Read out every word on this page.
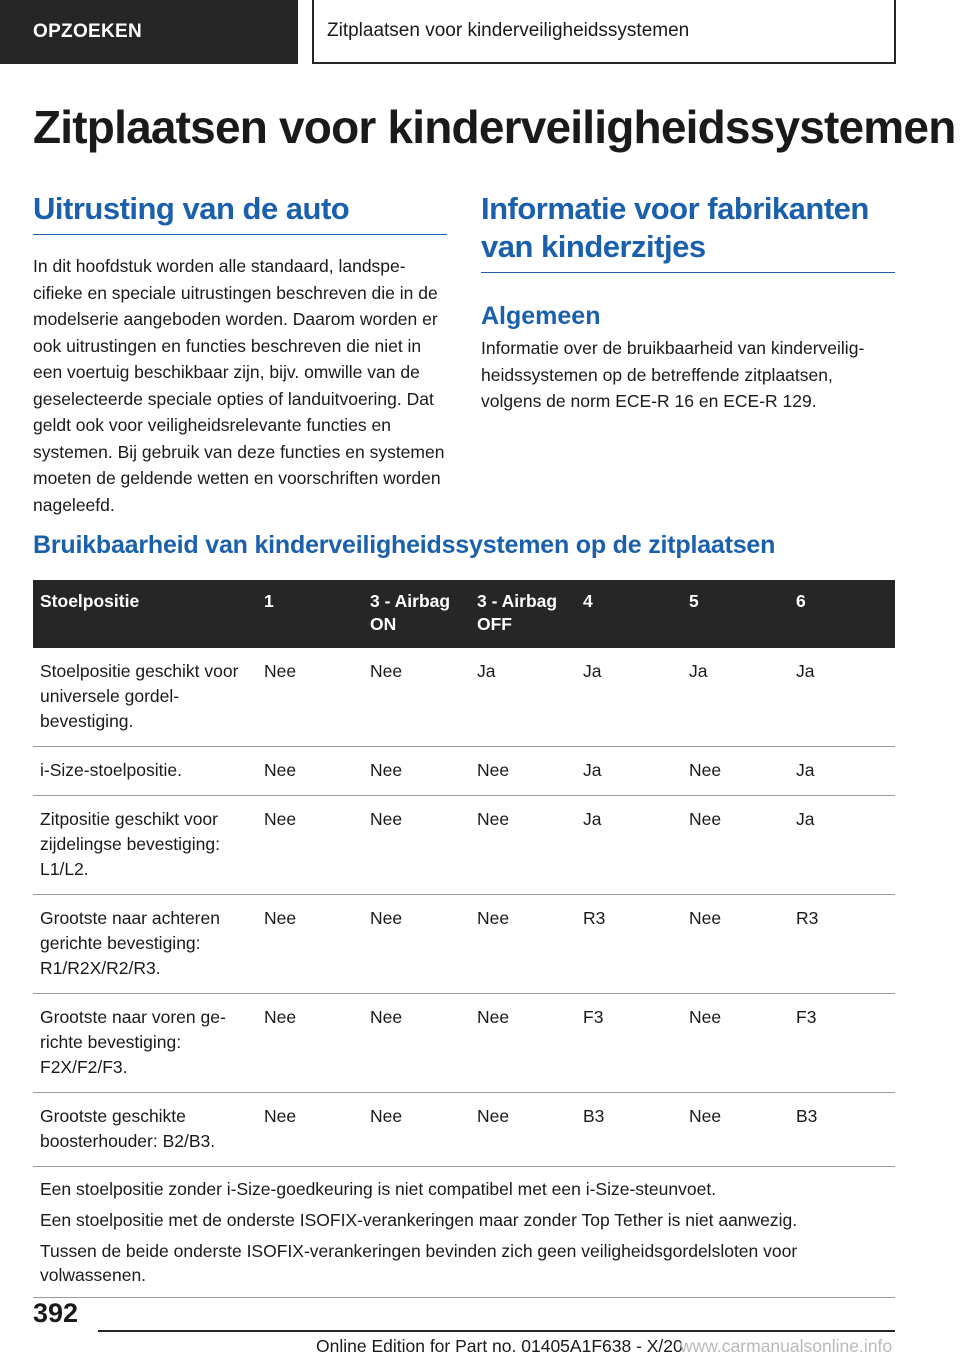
OPZOEKEN	Zitplaatsen voor kinderveiligheidssystemen
Zitplaatsen voor kinderveiligheidssystemen
Uitrusting van de auto

In dit hoofdstuk worden alle standaard, landspecifieke en speciale uitrustingen beschreven die in de modelserie aangeboden worden. Daarom worden er ook uitrustingen en functies beschreven die niet in een voertuig beschikbaar zijn, bijv. omwille van de geselecteerde speciale opties of landuitvoering. Dat geldt ook voor veiligheidsrelevante functies en systemen. Bij gebruik van deze functies en systemen moeten de geldende wetten en voorschriften worden nageleefd.

Informatie voor fabrikanten van kinderzitjes
Algemeen

Informatie over de bruikbaarheid van kinderveiligheidssystemen op de betreffende zitplaatsen, volgens de norm ECE-R 16 en ECE-R 129.

Bruikbaarheid van kinderveiligheidssystemen op de zitplaatsen
Stoelpositie	1	3 - Airbag ON	3 - Airbag OFF	4	5	6
Stoelpositie geschikt voor universele gordelbevestiging.	Nee	Nee	Ja	Ja	Ja	Ja
i-Size-stoelpositie.	Nee	Nee	Nee	Ja	Nee	Ja
Zitpositie geschikt voor zijdelingse bevestiging: L1/L2.	Nee	Nee	Nee	Ja	Nee	Ja
Grootste naar achteren gerichte bevestiging: R1/R2X/R2/R3.	Nee	Nee	Nee	R3	Nee	R3
Grootste naar voren gerichte bevestiging: F2X/F2/F3.	Nee	Nee	Nee	F3	Nee	F3
Grootste geschikte boosterhouder: B2/B3.	Nee	Nee	Nee	B3	Nee	B3

Een stoelpositie zonder i-Size-goedkeuring is niet compatibel met een i-Size-steunvoet.
Een stoelpositie met de onderste ISOFIX-verankeringen maar zonder Top Tether is niet aanwezig.
Tussen de beide onderste ISOFIX-verankeringen bevinden zich geen veiligheidsgordelsloten voor volwassenen.						
392
Online Edition for Part no. 01405A1F638 - X/20
www.carmanualsonline.info
